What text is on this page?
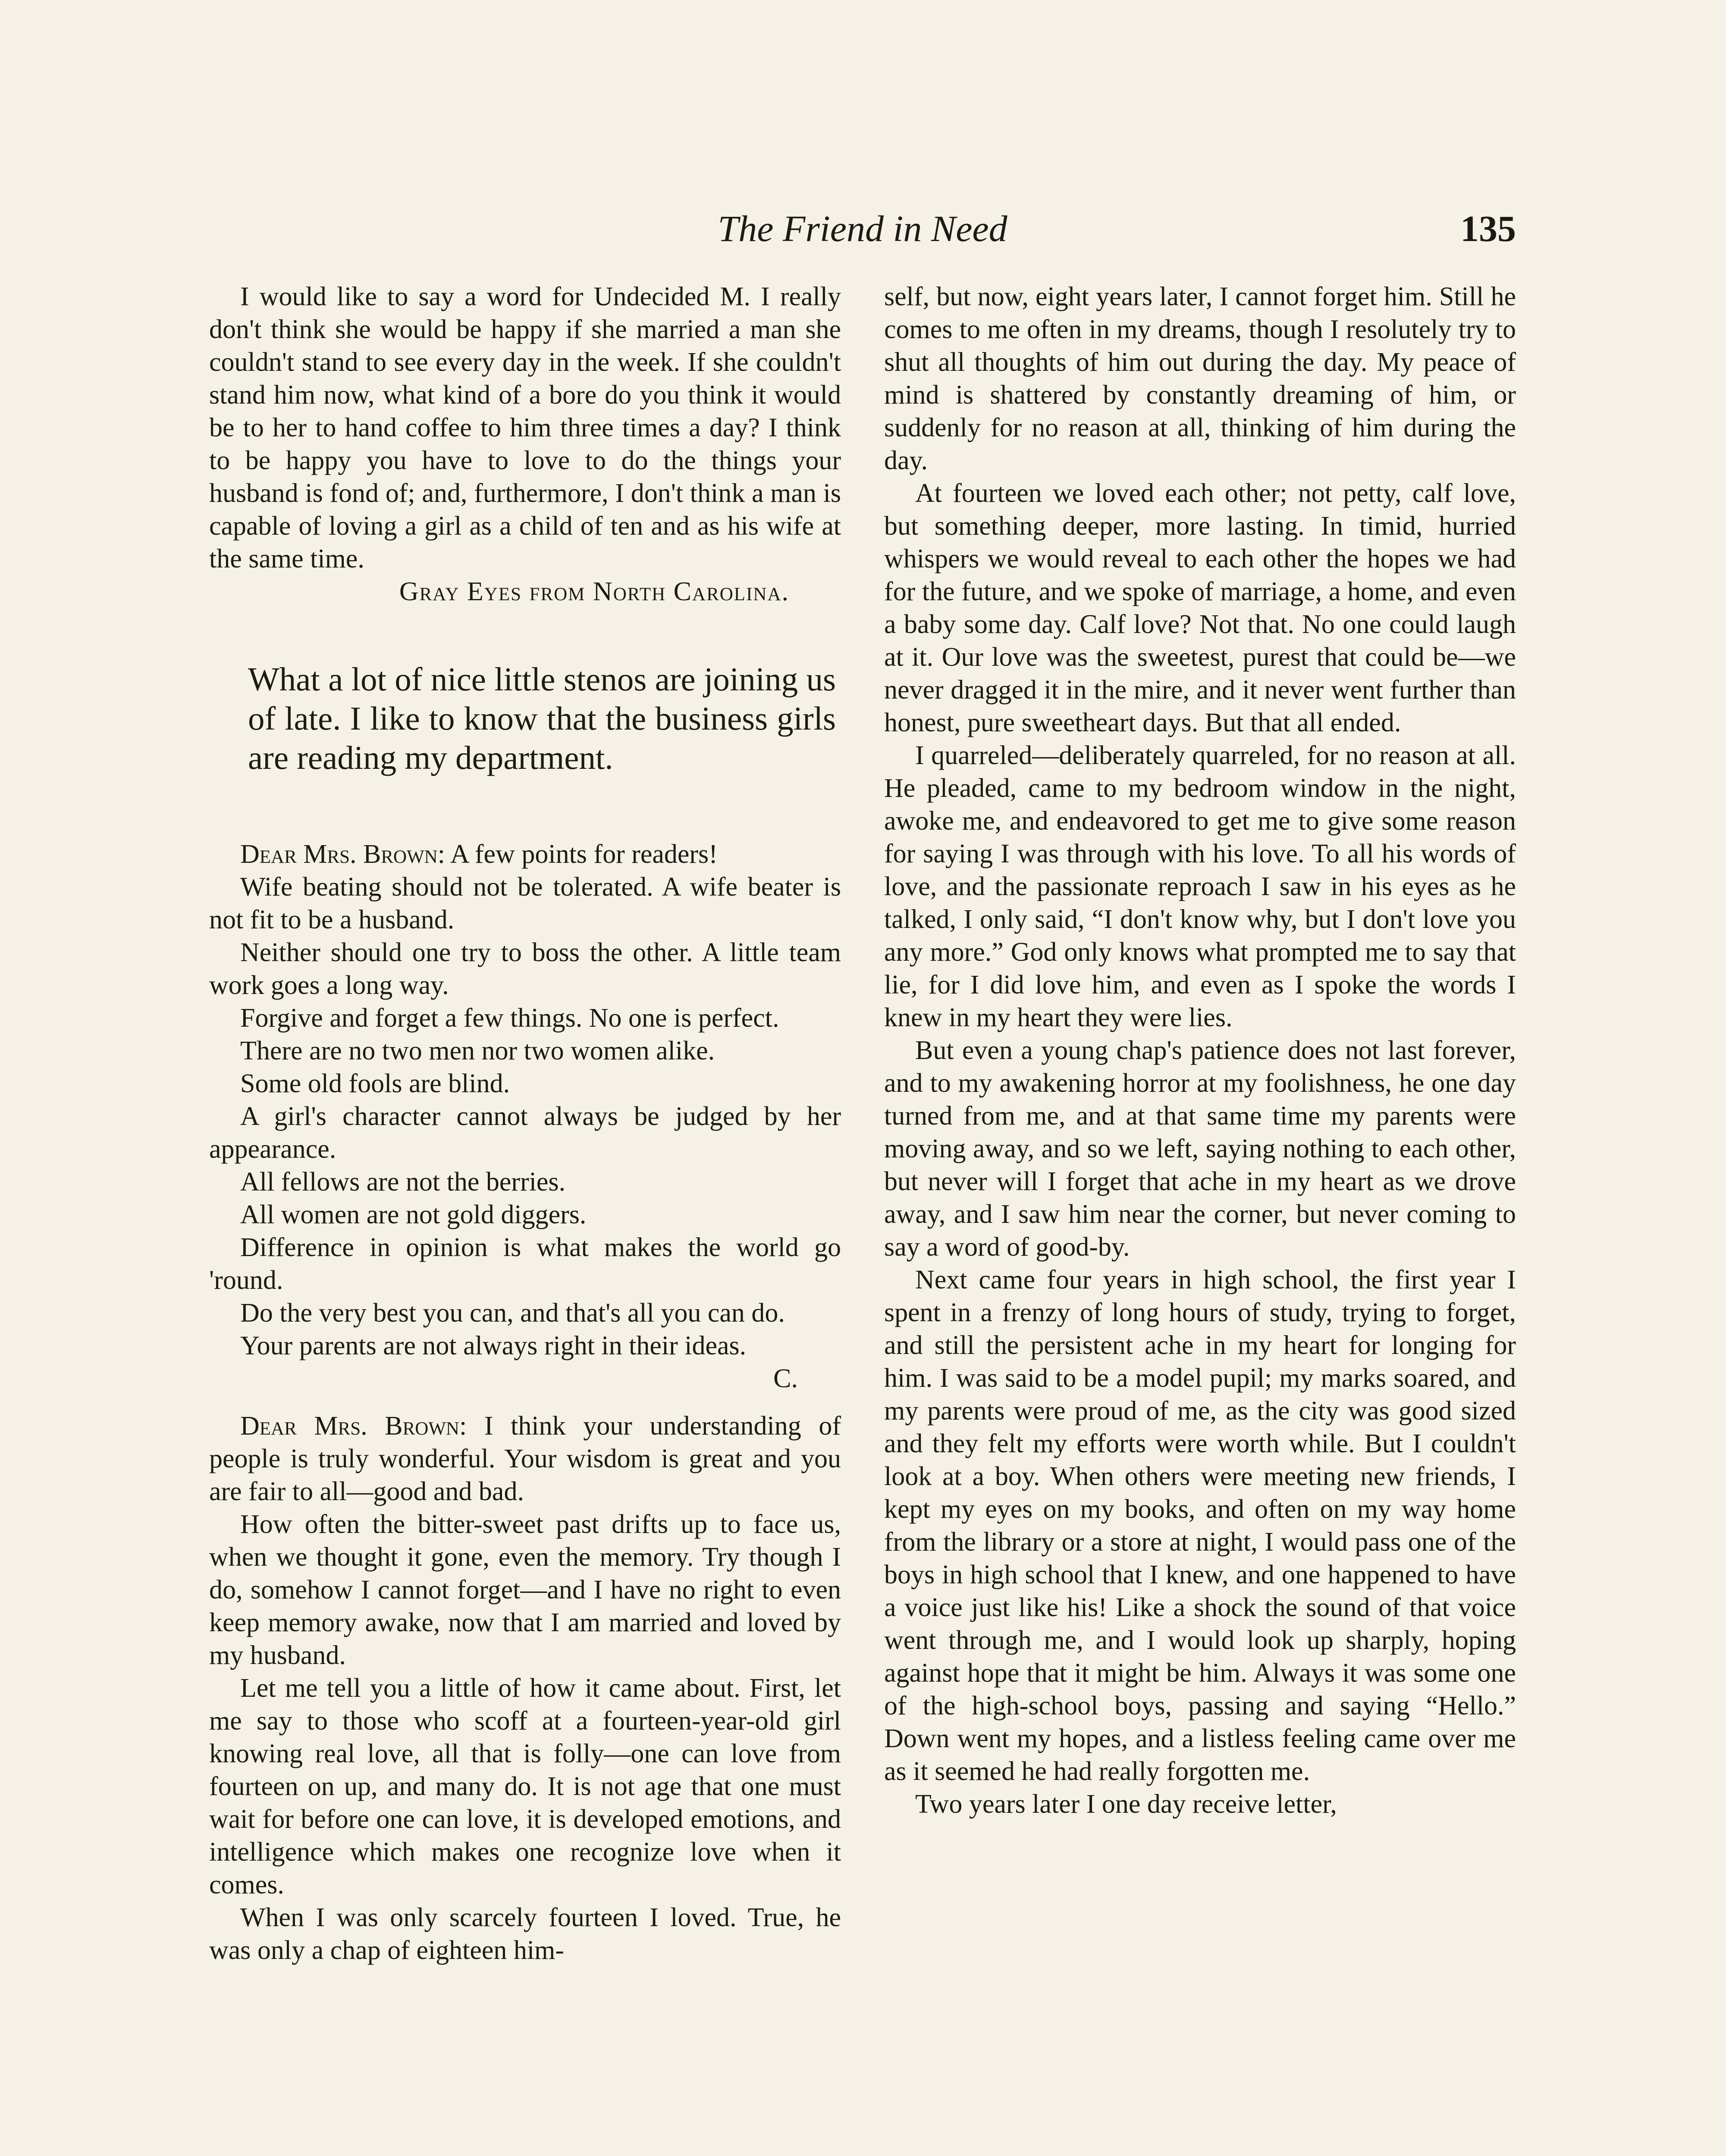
The Friend in Need	135

I would like to say a word for Undecided M. I really don't think she would be happy if she married a man she couldn't stand to see every day in the week. If she couldn't stand him now, what kind of a bore do you think it would be to her to hand coffee to him three times a day? I think to be happy you have to love to do the things your husband is fond of; and, furthermore, I don't think a man is capable of loving a girl as a child of ten and as his wife at the same time.

Gray Eyes from North Carolina.

What a lot of nice little stenos are joining us of late. I like to know that the business girls are reading my department.

Dear Mrs. Brown: A few points for readers!

Wife beating should not be tolerated. A wife beater is not fit to be a husband.

Neither should one try to boss the other. A little team work goes a long way.

Forgive and forget a few things. No one is perfect.

There are no two men nor two women alike.

Some old fools are blind.

A girl's character cannot always be judged by her appearance.

All fellows are not the berries.

All women are not gold diggers.

Difference in opinion is what makes the world go 'round.

Do the very best you can, and that's all you can do.

Your parents are not always right in their ideas.
C.

Dear Mrs. Brown: I think your understanding of people is truly wonderful. Your wisdom is great and you are fair to all—good and bad.

How often the bitter-sweet past drifts up to face us, when we thought it gone, even the memory. Try though I do, somehow I cannot forget—and I have no right to even keep memory awake, now that I am married and loved by my husband.

Let me tell you a little of how it came about. First, let me say to those who scoff at a fourteen-year-old girl knowing real love, all that is folly—one can love from fourteen on up, and many do. It is not age that one must wait for before one can love, it is developed emotions, and intelligence which makes one recognize love when it comes.

When I was only scarcely fourteen I loved. True, he was only a chap of eighteen him-

self, but now, eight years later, I cannot forget him. Still he comes to me often in my dreams, though I resolutely try to shut all thoughts of him out during the day. My peace of mind is shattered by constantly dreaming of him, or suddenly for no reason at all, thinking of him during the day.

At fourteen we loved each other; not petty, calf love, but something deeper, more lasting. In timid, hurried whispers we would reveal to each other the hopes we had for the future, and we spoke of marriage, a home, and even a baby some day. Calf love? Not that. No one could laugh at it. Our love was the sweetest, purest that could be—we never dragged it in the mire, and it never went further than honest, pure sweetheart days. But that all ended.

I quarreled—deliberately quarreled, for no reason at all. He pleaded, came to my bedroom window in the night, awoke me, and endeavored to get me to give some reason for saying I was through with his love. To all his words of love, and the passionate reproach I saw in his eyes as he talked, I only said, “I don't know why, but I don't love you any more.” God only knows what prompted me to say that lie, for I did love him, and even as I spoke the words I knew in my heart they were lies.

But even a young chap's patience does not last forever, and to my awakening horror at my foolishness, he one day turned from me, and at that same time my parents were moving away, and so we left, saying nothing to each other, but never will I forget that ache in my heart as we drove away, and I saw him near the corner, but never coming to say a word of good-by.

Next came four years in high school, the first year I spent in a frenzy of long hours of study, trying to forget, and still the persistent ache in my heart for longing for him. I was said to be a model pupil; my marks soared, and my parents were proud of me, as the city was good sized and they felt my efforts were worth while. But I couldn't look at a boy. When others were meeting new friends, I kept my eyes on my books, and often on my way home from the library or a store at night, I would pass one of the boys in high school that I knew, and one happened to have a voice just like his! Like a shock the sound of that voice went through me, and I would look up sharply, hoping against hope that it might be him. Always it was some one of the high-school boys, passing and saying “Hello.” Down went my hopes, and a listless feeling came over me as it seemed he had really forgotten me.

Two years later I one day receive letter,
